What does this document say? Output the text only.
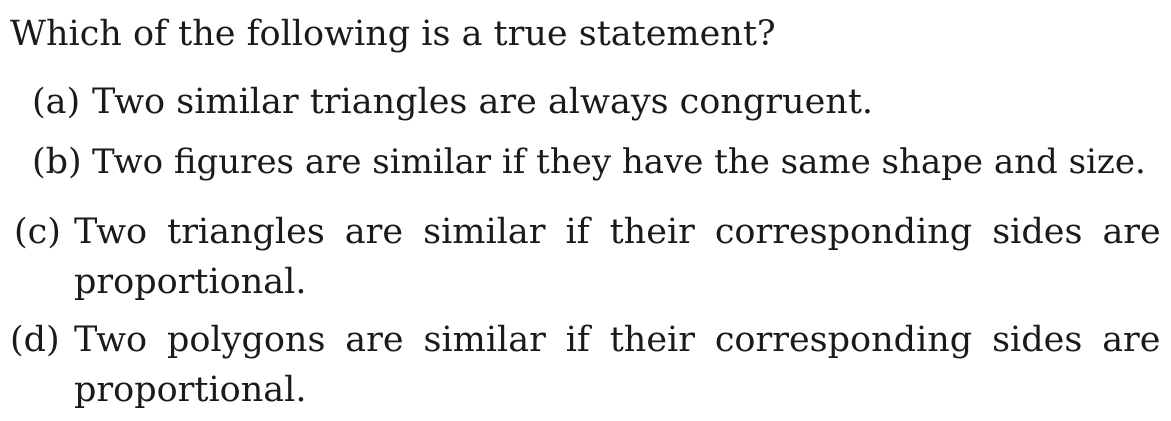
Which of the following is a true statement?
(a) Two similar triangles are always congruent.
(b) Two figures are similar if they have the same shape and size.
(c) Two triangles are similar if their corresponding sides are
proportional.
(d) Two polygons are similar if their corresponding sides are
proportional.
